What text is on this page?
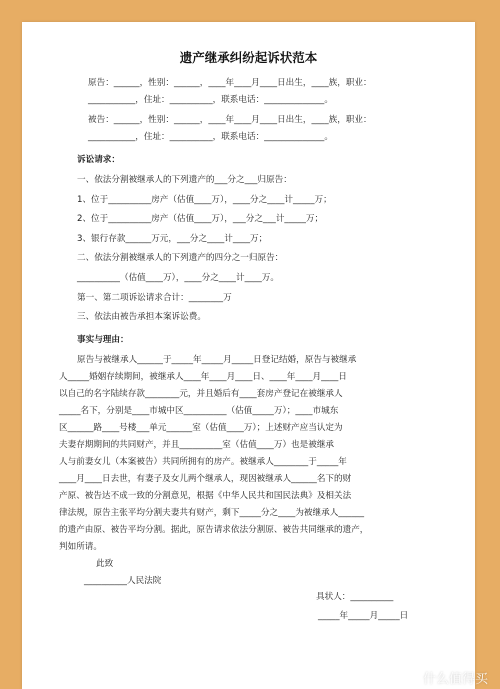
遗产继承纠纷起诉状范本
原告：______，性别：______，____年____月____日出生，____族，职业：
___________，住址：__________，联系电话：______________。
被告：______，性别：______，____年____月____日出生，____族，职业：
___________，住址：__________，联系电话：______________。
诉讼请求：
一、依法分割被继承人的下列遗产的___分之___归原告：
1、位于__________房产（估值____万），____分之____计_____万；
2、位于__________房产（估值____万），___分之___计_____万；
3、银行存款______万元，___分之____计____万；
二、依法分割被继承人的下列遗产的四分之一归原告：
__________（估值____万），____分之____计____万。
第一、第二项诉讼请求合计：________万
三、依法由被告承担本案诉讼费。
事实与理由：
原告与被继承人______于_____年_____月_____日登记结婚，原告与被继承
人_____婚姻存续期间，被继承人____年____月____日、____年____月____日
以自己的名字陆续存款________元，并且婚后有____套房产登记在被继承人
_____名下，分别是____市城中区__________（估值_____万）；____市城东
区______路____号楼___单元______室（估值____万）；上述财产应当认定为
夫妻存期期间的共同财产，并且__________室（估值____万）也是被继承
人与前妻女儿（本案被告）共同所拥有的房产。被继承人________于_____年
____月____日去世，有妻子及女儿两个继承人，现因被继承人______名下的财
产原、被告达不成一致的分割意见，根据《中华人民共和国民法典》及相关法
律法规，原告主张平均分割夫妻共有财产，剩下_____分之____为被继承人______
的遗产由原、被告平均分割。据此，原告请求依法分割原、被告共同继承的遗产，
判如所请。
此致
__________人民法院
具状人：__________
_____年_____月_____日
什么值得买
